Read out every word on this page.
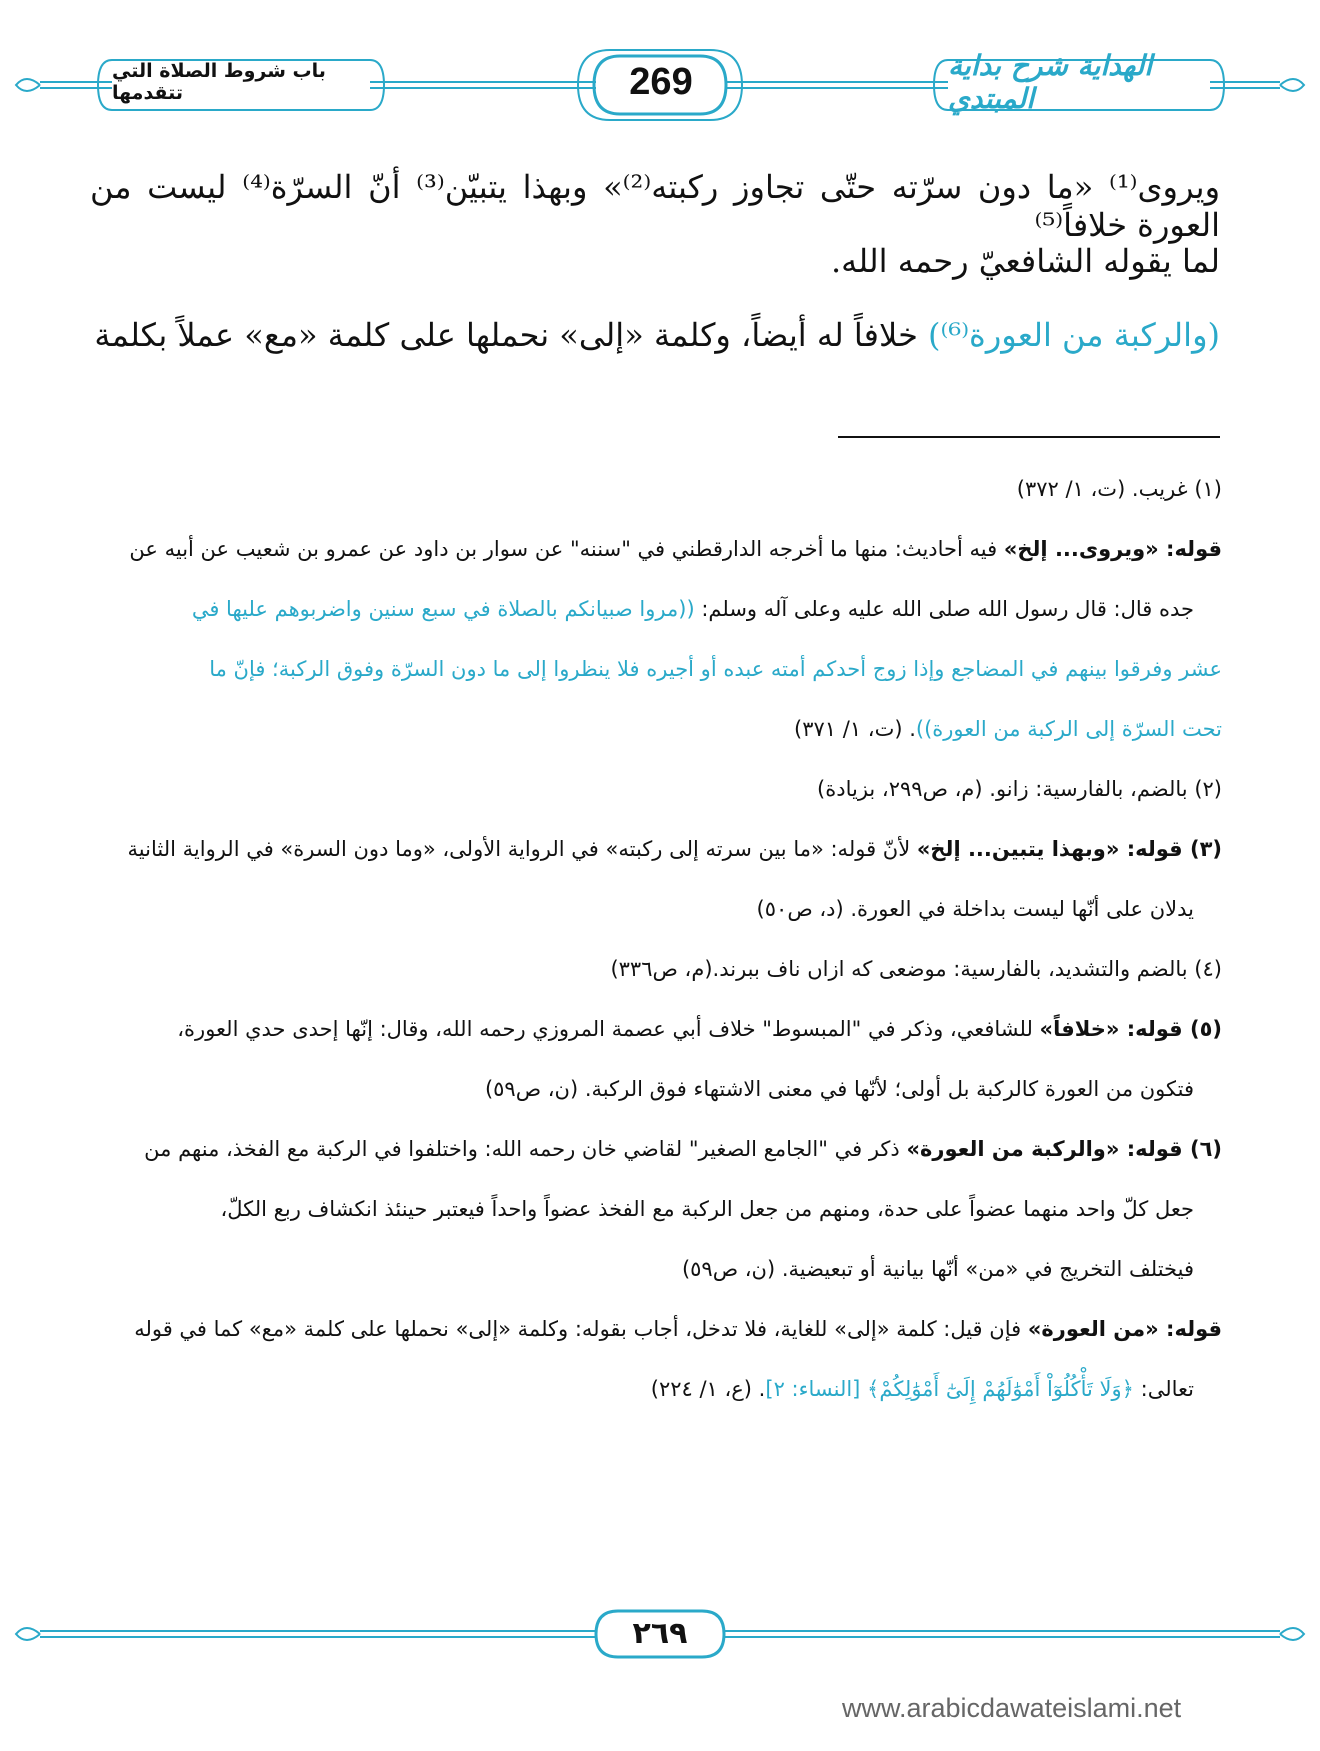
باب شروط الصلاة التي تتقدمها	269	الهداية شرح بداية المبتدي

ويروى⁽¹⁾ «ما دون سرّته حتّى تجاوز ركبته⁽²⁾» وبهذا يتبيّن⁽³⁾ أنّ السرّة⁽⁴⁾ ليست من العورة خلافاً⁽⁵⁾

لما يقوله الشافعيّ رحمه الله.

(والركبة من العورة⁽⁶⁾) خلافاً له أيضاً، وكلمة «إلى» نحملها على كلمة «مع» عملاً بكلمة

(١) غريب. (ت، ١/ ٣٧٢)

قوله: «ويروى... إلخ» فيه أحاديث: منها ما أخرجه الدارقطني في "سننه" عن سوار بن داود عن عمرو بن شعيب عن أبيه عن

جده قال: قال رسول الله صلى الله عليه وعلى آله وسلم: ((مروا صبيانكم بالصلاة في سبع سنين واضربوهم عليها في

عشر وفرقوا بينهم في المضاجع وإذا زوج أحدكم أمته عبده أو أجيره فلا ينظروا إلى ما دون السرّة وفوق الركبة؛ فإنّ ما

تحت السرّة إلى الركبة من العورة)). (ت، ١/ ٣٧١)

(٢) بالضم، بالفارسية: زانو. (م، ص٢٩٩، بزيادة)

(٣) قوله: «وبهذا يتبين... إلخ» لأنّ قوله: «ما بين سرته إلى ركبته» في الرواية الأولى، «وما دون السرة» في الرواية الثانية

يدلان على أنّها ليست بداخلة في العورة. (د، ص٥٠)

(٤) بالضم والتشديد، بالفارسية: موضعى كه ازاں ناف ببرند.(م، ص٣٣٦)

(٥) قوله: «خلافاً» للشافعي، وذكر في "المبسوط" خلاف أبي عصمة المروزي رحمه الله، وقال: إنّها إحدى حدي العورة،

فتكون من العورة كالركبة بل أولى؛ لأنّها في معنى الاشتهاء فوق الركبة. (ن، ص٥٩)

(٦) قوله: «والركبة من العورة» ذكر في "الجامع الصغير" لقاضي خان رحمه الله: واختلفوا في الركبة مع الفخذ، منهم من

جعل كلّ واحد منهما عضواً على حدة، ومنهم من جعل الركبة مع الفخذ عضواً واحداً فيعتبر حينئذ انكشاف ربع الكلّ،

فيختلف التخريج في «من» أنّها بيانية أو تبعيضية. (ن، ص٥٩)

قوله: «من العورة» فإن قيل: كلمة «إلى» للغاية، فلا تدخل، أجاب بقوله: وكلمة «إلى» نحملها على كلمة «مع» كما في قوله

تعالى: ﴿وَلَا تَأْكُلُوٓاْ أَمْوَٰلَهُمْ إِلَىٰٓ أَمْوَٰلِكُمْ﴾ [النساء: ٢]. (ع، ١/ ٢٢٤)

٢٦٩
www.arabicdawateislami.net
